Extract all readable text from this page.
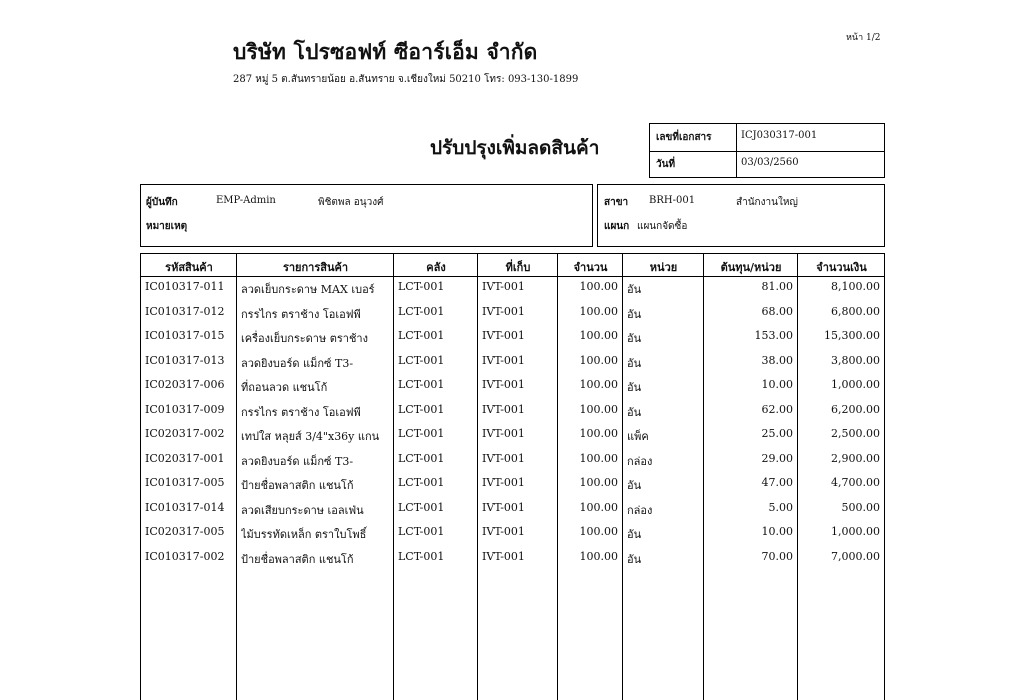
หน้า 1/2
บริษัท โปรซอฟท์ ซีอาร์เอ็ม จำกัด
287 หมู่ 5 ต.สันทรายน้อย อ.สันทราย จ.เชียงใหม่ 50210 โทร: 093-130-1899
ปรับปรุงเพิ่มลดสินค้า	เลขที่เอกสาร	ICJ030317-001
วันที่	03/03/2560
ผู้บันทึก	EMP-Admin	พิชิตพล อนุวงศ์
หมายเหตุ
สาขา BRH-001	สำนักงานใหญ่
แผนก แผนกจัดซื้อ
รหัสสินค้า	รายการสินค้า	คลัง	ที่เก็บ	จำนวน	หน่วย	ต้นทุน/หน่วย	จำนวนเงิน
IC010317-011	ลวดเย็บกระดาษ MAX เบอร์	LCT-001	IVT-001	100.00 อัน	81.00	8,100.00
IC010317-012	กรรไกร ตราช้าง โอเอฟพี	LCT-001	IVT-001	100.00 อัน	68.00	6,800.00
IC010317-015	เครื่องเย็บกระดาษ ตราช้าง	LCT-001	IVT-001	100.00 อัน	153.00	15,300.00
IC010317-013	ลวดยิงบอร์ด แม็กซ์ T3-	LCT-001	IVT-001	100.00 อัน	38.00	3,800.00
IC020317-006	ที่ถอนลวด แชนโก้	LCT-001	IVT-001	100.00 อัน	10.00	1,000.00
IC010317-009	กรรไกร ตราช้าง โอเอฟพี	LCT-001	IVT-001	100.00 อัน	62.00	6,200.00
IC020317-002	เทปใส หลุยส์ 3/4"x36y แกน	LCT-001	IVT-001	100.00 แพ็ค	25.00	2,500.00
IC020317-001	ลวดยิงบอร์ด แม็กซ์ T3-	LCT-001	IVT-001	100.00 กล่อง	29.00	2,900.00
IC010317-005	ป้ายชื่อพลาสติก แชนโก้	LCT-001	IVT-001	100.00 อัน	47.00	4,700.00
IC010317-014	ลวดเสียบกระดาษ เอลเฟ่น	LCT-001	IVT-001	100.00 กล่อง	5.00	500.00
IC020317-005	ไม้บรรทัดเหล็ก ตราใบโพธิ์	LCT-001	IVT-001	100.00 อัน	10.00	1,000.00
IC010317-002	ป้ายชื่อพลาสติก แชนโก้	LCT-001	IVT-001	100.00 อัน	70.00	7,000.00
